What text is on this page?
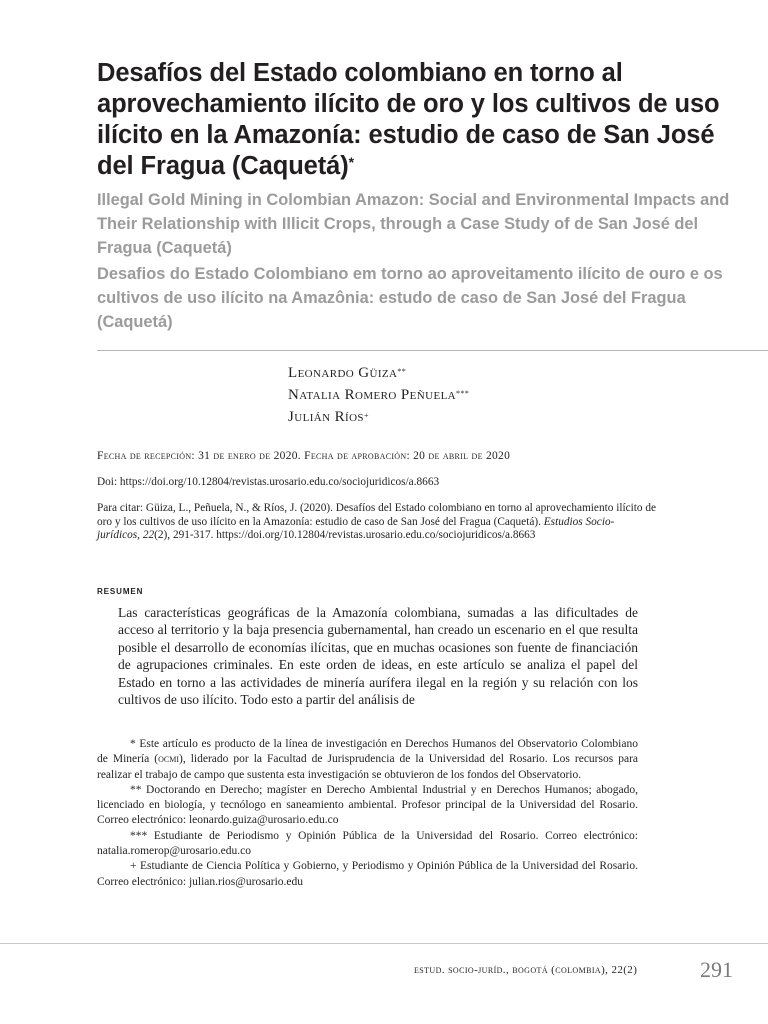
Desafíos del Estado colombiano en torno al aprovechamiento ilícito de oro y los cultivos de uso ilícito en la Amazonía: estudio de caso de San José del Fragua (Caquetá)*
Illegal Gold Mining in Colombian Amazon: Social and Environmental Impacts and Their Relationship with Illicit Crops, through a Case Study of de San José del Fragua (Caquetá)
Desafios do Estado Colombiano em torno ao aproveitamento ilícito de ouro e os cultivos de uso ilícito na Amazônia: estudo de caso de San José del Fragua (Caquetá)
Leonardo Güiza**
Natalia Romero Peñuela***
Julián Ríos+
Fecha de recepción: 31 de enero de 2020. Fecha de aprobación: 20 de abril de 2020
Doi: https://doi.org/10.12804/revistas.urosario.edu.co/sociojuridicos/a.8663
Para citar: Güiza, L., Peñuela, N., & Ríos, J. (2020). Desafíos del Estado colombiano en torno al aprovechamiento ilícito de oro y los cultivos de uso ilícito en la Amazonía: estudio de caso de San José del Fragua (Caquetá). Estudios Socio-jurídicos, 22(2), 291-317. https://doi.org/10.12804/revistas.urosario.edu.co/sociojuridicos/a.8663
resumen
Las características geográficas de la Amazonía colombiana, sumadas a las dificultades de acceso al territorio y la baja presencia gubernamental, han creado un escenario en el que resulta posible el desarrollo de economías ilícitas, que en muchas ocasiones son fuente de financiación de agrupaciones criminales. En este orden de ideas, en este artículo se analiza el papel del Estado en torno a las actividades de minería aurífera ilegal en la región y su relación con los cultivos de uso ilícito. Todo esto a partir del análisis de

* Este artículo es producto de la línea de investigación en Derechos Humanos del Observatorio Colombiano de Minería (ocmi), liderado por la Facultad de Jurisprudencia de la Universidad del Rosario. Los recursos para realizar el trabajo de campo que sustenta esta investigación se obtuvieron de los fondos del Observatorio.

** Doctorando en Derecho; magíster en Derecho Ambiental Industrial y en Derechos Humanos; abogado, licenciado en biología, y tecnólogo en saneamiento ambiental. Profesor principal de la Universidad del Rosario. Correo electrónico: leonardo.guiza@urosario.edu.co

*** Estudiante de Periodismo y Opinión Pública de la Universidad del Rosario. Correo electrónico: natalia.romerop@urosario.edu.co

+ Estudiante de Ciencia Política y Gobierno, y Periodismo y Opinión Pública de la Universidad del Rosario. Correo electrónico: julian.rios@urosario.edu

estud. socio-juríd., bogotá (colombia), 22(2)	291
